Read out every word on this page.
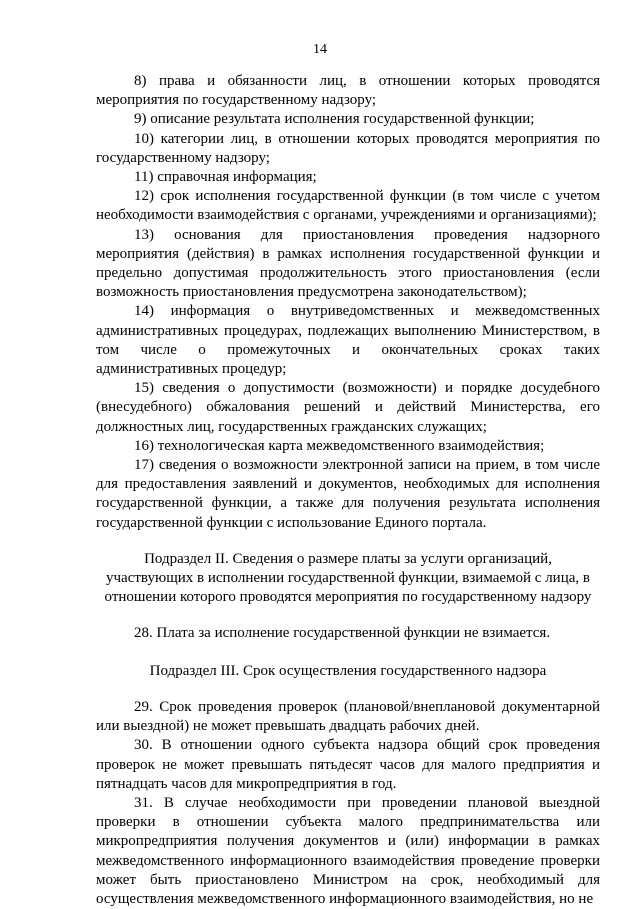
14

8) права и обязанности лиц, в отношении которых проводятся мероприятия по государственному надзору;

9) описание результата исполнения государственной функции;

10) категории лиц, в отношении которых проводятся мероприятия по государственному надзору;

11) справочная информация;

12) срок исполнения государственной функции (в том числе с учетом необходимости взаимодействия с органами, учреждениями и организациями);

13) основания для приостановления проведения надзорного мероприятия (действия) в рамках исполнения государственной функции и предельно допустимая продолжительность этого приостановления (если возможность приостановления предусмотрена законодательством);

14) информация о внутриведомственных и межведомственных административных процедурах, подлежащих выполнению Министерством, в том числе о промежуточных и окончательных сроках таких административных процедур;

15) сведения о допустимости (возможности) и порядке досудебного (внесудебного) обжалования решений и действий Министерства, его должностных лиц, государственных гражданских служащих;

16) технологическая карта межведомственного взаимодействия;

17) сведения о возможности электронной записи на прием, в том числе для предоставления заявлений и документов, необходимых для исполнения государственной функции, а также для получения результата исполнения государственной функции с использование Единого портала.

Подраздел II. Сведения о размере платы за услуги организаций, участвующих в исполнении государственной функции, взимаемой с лица, в отношении которого проводятся мероприятия по государственному надзору

28. Плата за исполнение государственной функции не взимается.

Подраздел III. Срок осуществления государственного надзора

29. Срок проведения проверок (плановой/внеплановой документарной или выездной) не может превышать двадцать рабочих дней.

30. В отношении одного субъекта надзора общий срок проведения проверок не может превышать пятьдесят часов для малого предприятия и пятнадцать часов для микропредприятия в год.

31. В случае необходимости при проведении плановой выездной проверки в отношении субъекта малого предпринимательства или микропредприятия получения документов и (или) информации в рамках межведомственного информационного взаимодействия проведение проверки может быть приостановлено Министром на срок, необходимый для осуществления межведомственного информационного взаимодействия, но не
